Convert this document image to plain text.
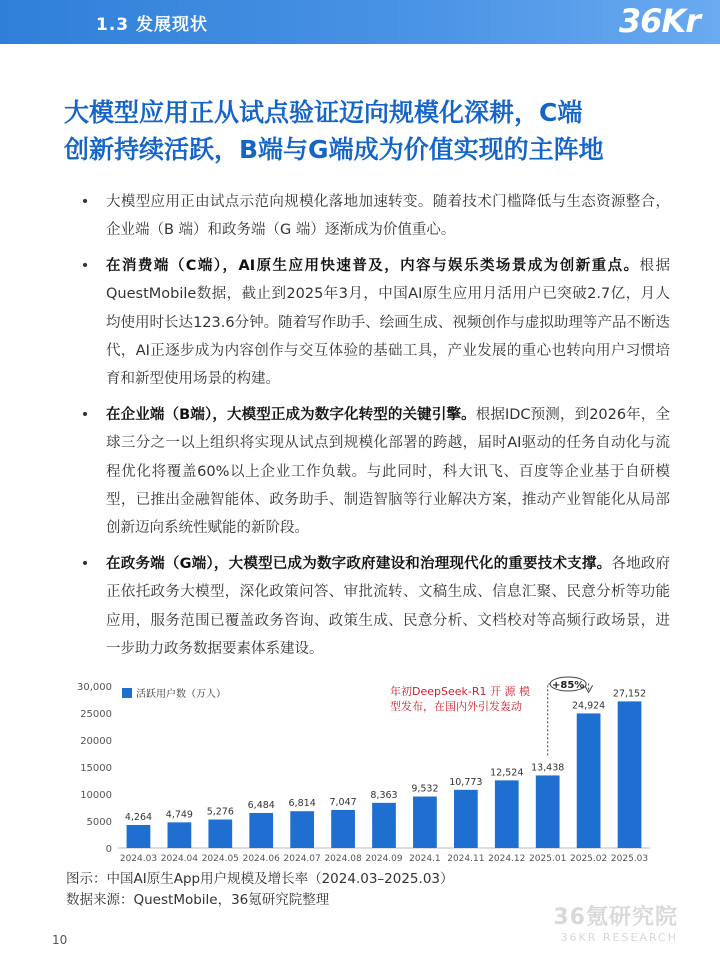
1.3 发展现状	36Kr
大模型应用正从试点验证迈向规模化深耕，C端
创新持续活跃，B端与G端成为价值实现的主阵地
• 大模型应用正由试点示范向规模化落地加速转变。随着技术门槛降低与生态资源整合，企业端（B 端）和政务端（G 端）逐渐成为价值重心。
• 在消费端（C端），AI原生应用快速普及，内容与娱乐类场景成为创新重点。根据QuestMobile数据，截止到2025年3月，中国AI原生应用月活用户已突破2.7亿，月人均使用时长达123.6分钟。随着写作助手、绘画生成、视频创作与虚拟助理等产品不断迭代，AI正逐步成为内容创作与交互体验的基础工具，产业发展的重心也转向用户习惯培育和新型使用场景的构建。
• 在企业端（B端），大模型正成为数字化转型的关键引擎。根据IDC预测，到2026年，全球三分之一以上组织将实现从试点到规模化部署的跨越，届时AI驱动的任务自动化与流程优化将覆盖60%以上企业工作负载。与此同时，科大讯飞、百度等企业基于自研模型，已推出金融智能体、政务助手、制造智脑等行业解决方案，推动产业智能化从局部创新迈向系统性赋能的新阶段。
• 在政务端（G端），大模型已成为数字政府建设和治理现代化的重要技术支撑。各地政府正依托政务大模型，深化政策问答、审批流转、文稿生成、信息汇聚、民意分析等功能应用，服务范围已覆盖政务咨询、政策生成、民意分析、文档校对等高频行政场景，进一步助力政务数据要素体系建设。
0
5000
10000
15000
20000
25000
30,000
4,264
2024.03
4,749
2024.04
5,276
2024.05
6,484
2024.06
6,814
2024.07
7,047
2024.08
8,363
2024.09
9,532
2024.1
10,773
2024.11
12,524
2024.12
13,438
2025.01
24,924
2025.02
27,152
2025.03
活跃用户数（万人）	年初DeepSeek-R1 开 源 模
型发布，在国内外引发轰动
+85%
图示：中国AI原生App用户规模及增长率（2024.03–2025.03）
数据来源：QuestMobile，36氪研究院整理
36氪研究院
36KR RESEARCH
10
